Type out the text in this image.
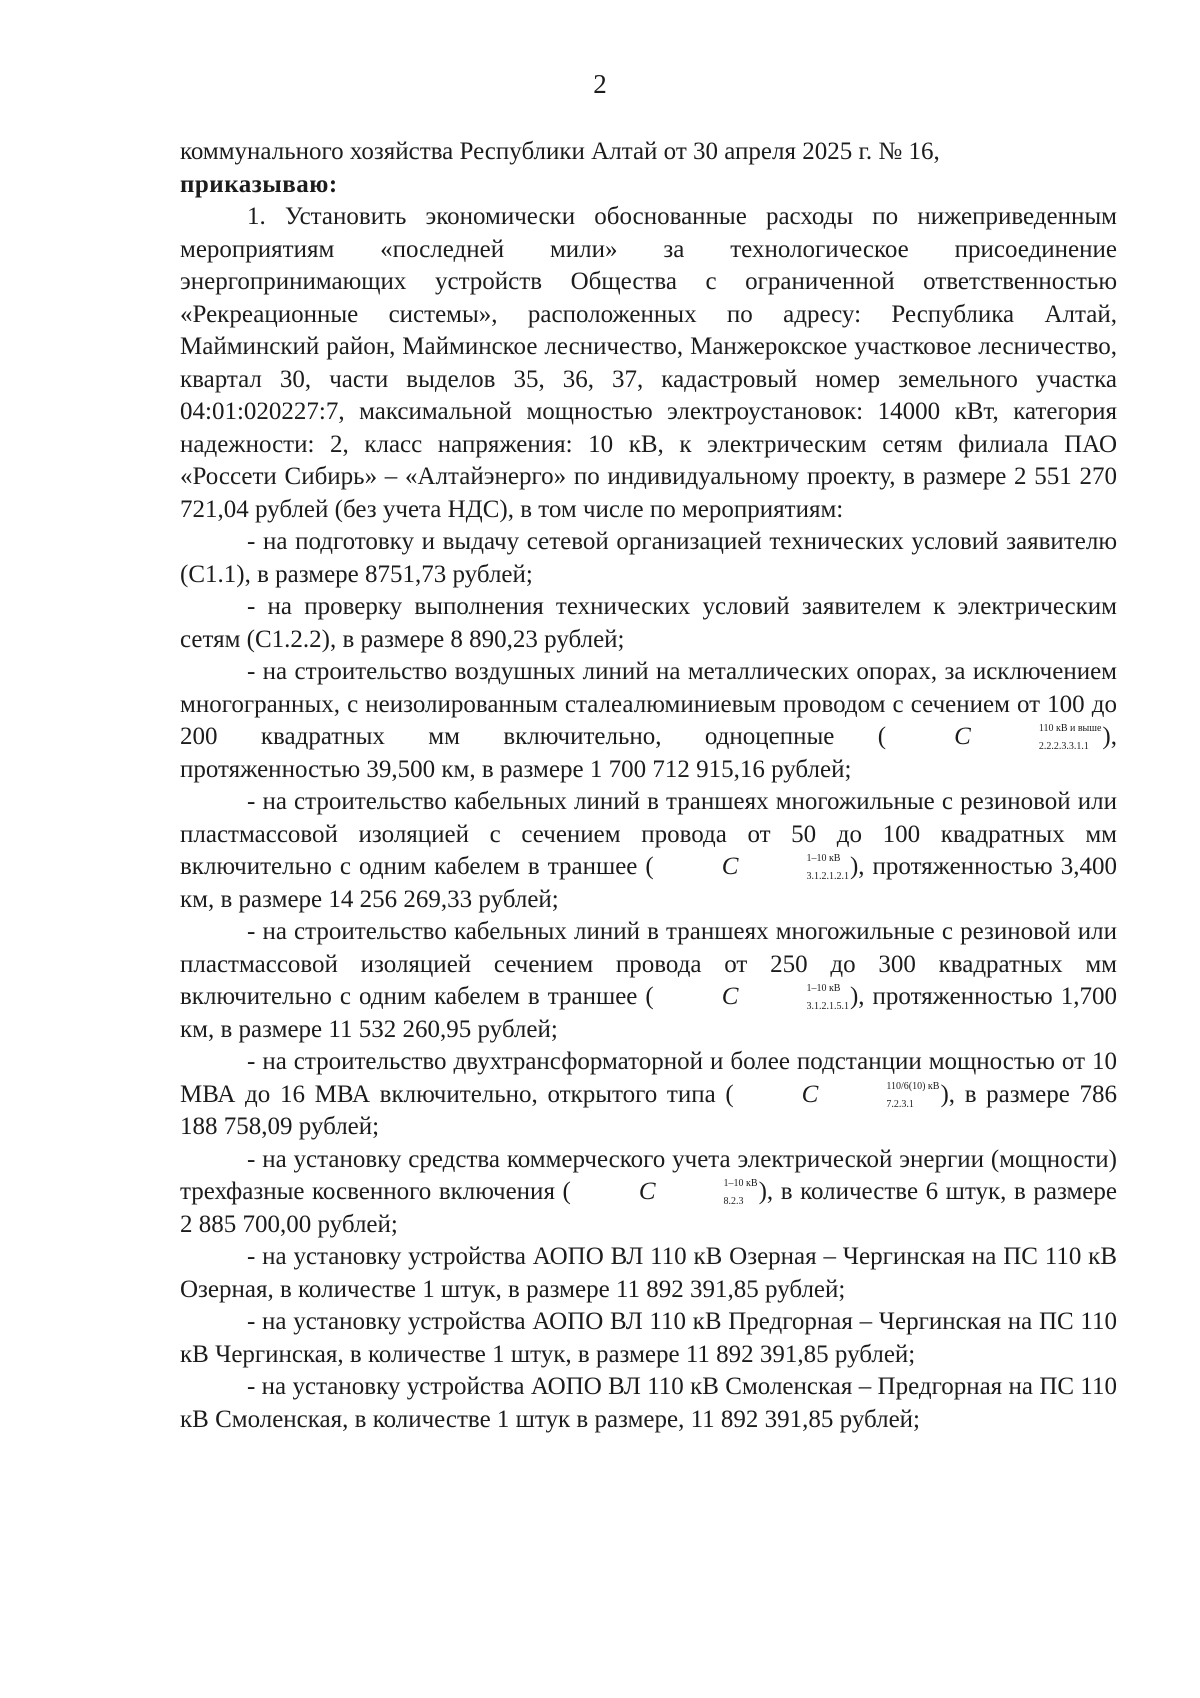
2

коммунального хозяйства Республики Алтай от 30 апреля 2025 г. № 16,

приказываю:

1. Установить экономически обоснованные расходы по нижеприведенным мероприятиям «последней мили» за технологическое присоединение энергопринимающих устройств Общества с ограниченной ответственностью «Рекреационные системы», расположенных по адресу: Республика Алтай, Майминский район, Майминское лесничество, Манжерокское участковое лесничество, квартал 30, части выделов 35, 36, 37, кадастровый номер земельного участка 04:01:020227:7, максимальной мощностью электроустановок: 14000 кВт, категория надежности: 2, класс напряжения: 10 кВ, к электрическим сетям филиала ПАО «Россети Сибирь» – «Алтайэнерго» по индивидуальному проекту, в размере 2 551 270 721,04 рублей (без учета НДС), в том числе по мероприятиям:

- на подготовку и выдачу сетевой организацией технических условий заявителю (С1.1), в размере 8751,73 рублей;

- на проверку выполнения технических условий заявителем к электрическим сетям (С1.2.2), в размере 8 890,23 рублей;

- на строительство воздушных линий на металлических опорах, за исключением многогранных, с неизолированным сталеалюминиевым проводом с сечением от 100 до 200 квадратных мм включительно, одноцепные (	C	110 кВ и выше
2.2.2.3.3.1.1 ), протяженностью 39,500 км, в размере 1 700 712 915,16 рублей;

- на строительство кабельных линий в траншеях многожильные с резиновой или пластмассовой изоляцией с сечением провода от 50 до 100 квадратных мм включительно с одним кабелем в траншее (	C	1–10 кВ
3.1.2.1.2.1 ), протяженностью 3,400 км, в размере 14 256 269,33 рублей;

- на строительство кабельных линий в траншеях многожильные с резиновой или пластмассовой изоляцией сечением провода от 250 до 300 квадратных мм включительно с одним кабелем в траншее (	C	1–10 кВ
3.1.2.1.5.1 ), протяженностью 1,700 км, в размере 11 532 260,95 рублей;

- на строительство двухтрансформаторной и более подстанции мощностью от 10 МВА до 16 МВА включительно, открытого типа (	C	110/6(10) кВ
7.2.3.1	), в размере 786 188 758,09 рублей;

- на установку средства коммерческого учета электрической энергии (мощности) трехфазные косвенного включения (	C	1–10 кВ
8.2.3 ), в количестве 6 штук, в размере 2 885 700,00 рублей;

- на установку устройства АОПО ВЛ 110 кВ Озерная – Чергинская на ПС 110 кВ Озерная, в количестве 1 штук, в размере 11 892 391,85 рублей;

- на установку устройства АОПО ВЛ 110 кВ Предгорная – Чергинская на ПС 110 кВ Чергинская, в количестве 1 штук, в размере 11 892 391,85 рублей;

- на установку устройства АОПО ВЛ 110 кВ Смоленская – Предгорная на ПС 110 кВ Смоленская, в количестве 1 штук в размере, 11 892 391,85 рублей;
